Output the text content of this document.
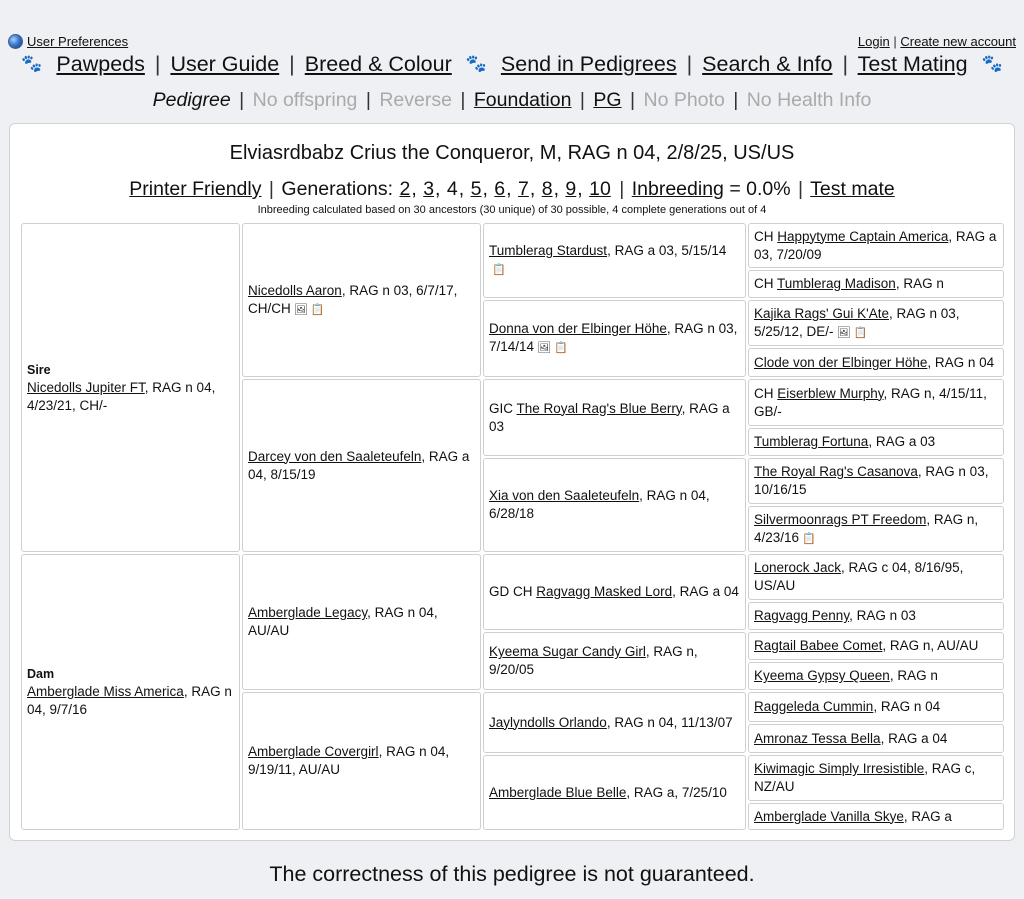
User Preferences	Login | Create new account
🐾 Pawpeds | User Guide | Breed & Colour 🐾 Send in Pedigrees | Search & Info | Test Mating 🐾
Pedigree | No offspring | Reverse | Foundation | PG | No Photo | No Health Info
Elviasrdbabz Crius the Conqueror, M, RAG n 04, 2/8/25, US/US
Printer Friendly | Generations: 2, 3, 4, 5, 6, 7, 8, 9, 10 | Inbreeding = 0.0% | Test mate
Inbreeding calculated based on 30 ancestors (30 unique) of 30 possible, 4 complete generations out of 4
Sire
Nicedolls Jupiter FT, RAG n 04, 4/23/21, CH/-
Dam
Amberglade Miss America, RAG n 04, 9/7/16
Nicedolls Aaron, RAG n 03, 6/7/17, CH/CH 🖼 📋
Darcey von den Saaleteufeln, RAG a 04, 8/15/19
Amberglade Legacy, RAG n 04, AU/AU
Amberglade Covergirl, RAG n 04, 9/19/11, AU/AU
Tumblerag Stardust, RAG a 03, 5/15/14📋
Donna von der Elbinger Höhe, RAG n 03, 7/14/14 🖼 📋
GIC The Royal Rag's Blue Berry, RAG a 03
Xia von den Saaleteufeln, RAG n 04, 6/28/18
GD CH Ragvagg Masked Lord, RAG a 04
Kyeema Sugar Candy Girl, RAG n, 9/20/05
Jaylyndolls Orlando, RAG n 04, 11/13/07
Amberglade Blue Belle, RAG a, 7/25/10
CH Happytyme Captain America, RAG a 03, 7/20/09
CH Tumblerag Madison, RAG n
Kajika Rags' Gui K'Ate, RAG n 03, 5/25/12, DE/- 🖼 📋
Clode von der Elbinger Höhe, RAG n 04
CH Eiserblew Murphy, RAG n, 4/15/11, GB/-
Tumblerag Fortuna, RAG a 03
The Royal Rag's Casanova, RAG n 03, 10/16/15
Silvermoonrags PT Freedom, RAG n, 4/23/16 📋
Lonerock Jack, RAG c 04, 8/16/95, US/AU
Ragvagg Penny, RAG n 03
Ragtail Babee Comet, RAG n, AU/AU
Kyeema Gypsy Queen, RAG n
Raggeleda Cummin, RAG n 04
Amronaz Tessa Bella, RAG a 04
Kiwimagic Simply Irresistible, RAG c, NZ/AU
Amberglade Vanilla Skye, RAG a
The correctness of this pedigree is not guaranteed.
